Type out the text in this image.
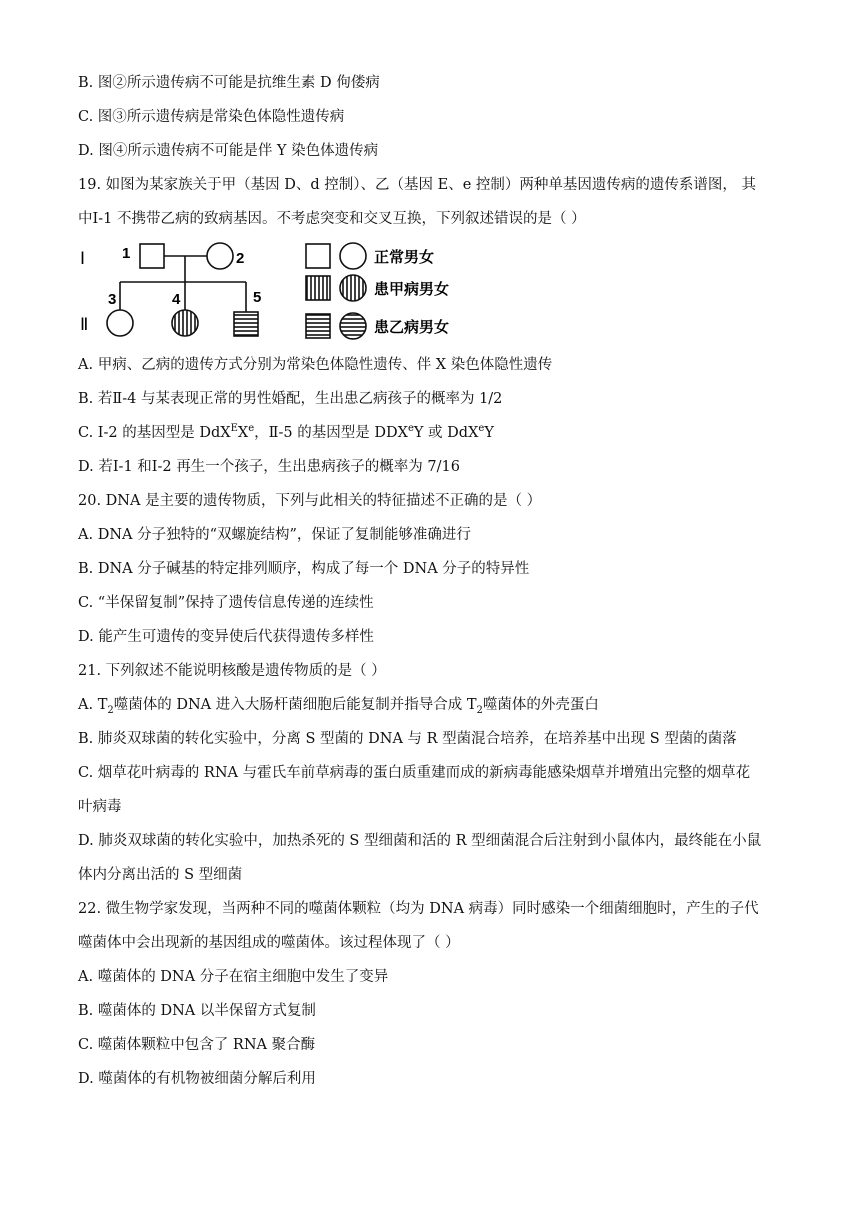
B. 图②所示遗传病不可能是抗维生素 D 佝偻病
C. 图③所示遗传病是常染色体隐性遗传病
D. 图④所示遗传病不可能是伴 Y 染色体遗传病
19. 如图为某家族关于甲（基因 D、d 控制）、乙（基因 E、e 控制）两种单基因遗传病的遗传系谱图， 其
中Ⅰ-1 不携带乙病的致病基因。不考虑突变和交叉互换，下列叙述错误的是（ ）
A. 甲病、乙病的遗传方式分别为常染色体隐性遗传、伴 X 染色体隐性遗传
B. 若Ⅱ-4 与某表现正常的男性婚配，生出患乙病孩子的概率为 1/2
C. Ⅰ-2 的基因型是 DdX$^E$Xe，Ⅱ-5 的基因型是 DDXeY 或 DdX$^e$Y
D. 若Ⅰ-1 和Ⅰ-2 再生一个孩子，生出患病孩子的概率为 7/16
20. DNA 是主要的遗传物质，下列与此相关的特征描述不正确的是（ ）
A. DNA 分子独特的“双螺旋结构”，保证了复制能够准确进行
B. DNA 分子碱基的特定排列顺序，构成了每一个 DNA 分子的特异性
C. “半保留复制”保持了遗传信息传递的连续性
D. 能产生可遗传的变异使后代获得遗传多样性
21. 下列叙述不能说明核酸是遗传物质的是（ ）
A. $T_2$噬菌体的 DNA 进入大肠杆菌细胞后能复制并指导合成 $T_2$噬菌体的外壳蛋白
B. 肺炎双球菌的转化实验中，分离 S 型菌的 DNA 与 R 型菌混合培养，在培养基中出现 S 型菌的菌落
C. 烟草花叶病毒的 RNA 与霍氏车前草病毒的蛋白质重建而成的新病毒能感染烟草并增殖出完整的烟草花
叶病毒
D. 肺炎双球菌的转化实验中，加热杀死的 S 型细菌和活的 R 型细菌混合后注射到小鼠体内，最终能在小鼠
体内分离出活的 S 型细菌
22. 微生物学家发现，当两种不同的噬菌体颗粒（均为 DNA 病毒）同时感染一个细菌细胞时，产生的子代
噬菌体中会出现新的基因组成的噬菌体。该过程体现了（ ）
A. 噬菌体的 DNA 分子在宿主细胞中发生了变异
B. 噬菌体的 DNA 以半保留方式复制
C. 噬菌体颗粒中包含了 RNA 聚合酶
D. 噬菌体的有机物被细菌分解后利用
Ⅰ
Ⅱ
1	2
3	4	5
正常男女
患甲病男女
患乙病男女
